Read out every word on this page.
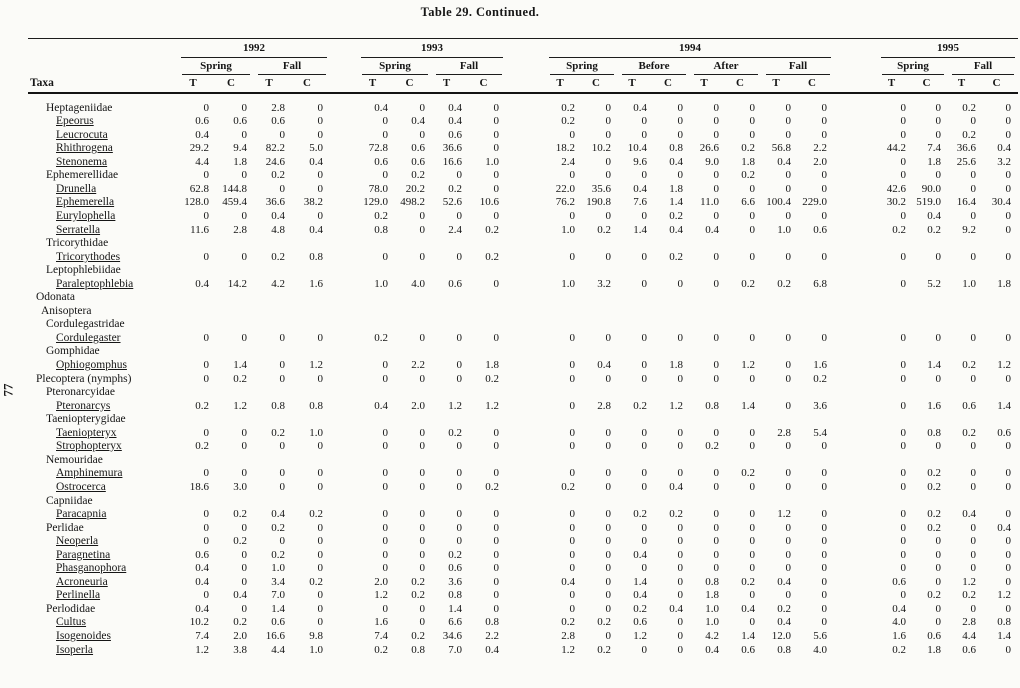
Table 29. Continued.
77

	1992					1993					1994									1995			

	Spring		Fall			Spring		Fall			Spring		Before		After		Fall			Spring		Fall	

Taxa	T	C	T	C		T	C	T	C		T	C	T	C	T	C	T	C		T	C	T	C

Heptageniidae	0	0	2.8	0		0.4	0	0.4	0		0.2	0	0.4	0	0	0	0	0		0	0	0.2	0
Epeorus	0.6	0.6	0.6	0		0	0.4	0.4	0		0.2	0	0	0	0	0	0	0		0	0	0	0
Leucrocuta	0.4	0	0	0		0	0	0.6	0		0	0	0	0	0	0	0	0		0	0	0.2	0
Rhithrogena	29.2	9.4	82.2	5.0		72.8	0.6	36.6	0		18.2	10.2	10.4	0.8	26.6	0.2	56.8	2.2		44.2	7.4	36.6	0.4
Stenonema	4.4	1.8	24.6	0.4		0.6	0.6	16.6	1.0		2.4	0	9.6	0.4	9.0	1.8	0.4	2.0		0	1.8	25.6	3.2
Ephemerellidae	0	0	0.2	0		0	0.2	0	0		0	0	0	0	0	0.2	0	0		0	0	0	0
Drunella	62.8	144.8	0	0		78.0	20.2	0.2	0		22.0	35.6	0.4	1.8	0	0	0	0		42.6	90.0	0	0
Ephemerella	128.0	459.4	36.6	38.2		129.0	498.2	52.6	10.6		76.2	190.8	7.6	1.4	11.0	6.6	100.4	229.0		30.2	519.0	16.4	30.4
Eurylophella	0	0	0.4	0		0.2	0	0	0		0	0	0	0.2	0	0	0	0		0	0.4	0	0
Serratella	11.6	2.8	4.8	0.4		0.8	0	2.4	0.2		1.0	0.2	1.4	0.4	0.4	0	1.0	0.6		0.2	0.2	9.2	0
Tricorythidae																							
Tricorythodes	0	0	0.2	0.8		0	0	0	0.2		0	0	0	0.2	0	0	0	0		0	0	0	0
Leptophlebiidae																							
Paraleptophlebia	0.4	14.2	4.2	1.6		1.0	4.0	0.6	0		1.0	3.2	0	0	0	0.2	0.2	6.8		0	5.2	1.0	1.8
Odonata																							
Anisoptera																							
Cordulegastridae																							
Cordulegaster	0	0	0	0		0.2	0	0	0		0	0	0	0	0	0	0	0		0	0	0	0
Gomphidae																							
Ophiogomphus	0	1.4	0	1.2		0	2.2	0	1.8		0	0.4	0	1.8	0	1.2	0	1.6		0	1.4	0.2	1.2
Plecoptera (nymphs)	0	0.2	0	0		0	0	0	0.2		0	0	0	0	0	0	0	0.2		0	0	0	0
Pteronarcyidae																							
Pteronarcys	0.2	1.2	0.8	0.8		0.4	2.0	1.2	1.2		0	2.8	0.2	1.2	0.8	1.4	0	3.6		0	1.6	0.6	1.4
Taeniopterygidae																							
Taeniopteryx	0	0	0.2	1.0		0	0	0.2	0		0	0	0	0	0	0	2.8	5.4		0	0.8	0.2	0.6
Strophopteryx	0.2	0	0	0		0	0	0	0		0	0	0	0	0.2	0	0	0		0	0	0	0
Nemouridae																							
Amphinemura	0	0	0	0		0	0	0	0		0	0	0	0	0	0.2	0	0		0	0.2	0	0
Ostrocerca	18.6	3.0	0	0		0	0	0	0.2		0.2	0	0	0.4	0	0	0	0		0	0.2	0	0
Capniidae																							
Paracapnia	0	0.2	0.4	0.2		0	0	0	0		0	0	0.2	0.2	0	0	1.2	0		0	0.2	0.4	0
Perlidae	0	0	0.2	0		0	0	0	0		0	0	0	0	0	0	0	0		0	0.2	0	0.4
Neoperla	0	0.2	0	0		0	0	0	0		0	0	0	0	0	0	0	0		0	0	0	0
Paragnetina	0.6	0	0.2	0		0	0	0.2	0		0	0	0.4	0	0	0	0	0		0	0	0	0
Phasganophora	0.4	0	1.0	0		0	0	0.6	0		0	0	0	0	0	0	0	0		0	0	0	0
Acroneuria	0.4	0	3.4	0.2		2.0	0.2	3.6	0		0.4	0	1.4	0	0.8	0.2	0.4	0		0.6	0	1.2	0
Perlinella	0	0.4	7.0	0		1.2	0.2	0.8	0		0	0	0.4	0	1.8	0	0	0		0	0.2	0.2	1.2
Perlodidae	0.4	0	1.4	0		0	0	1.4	0		0	0	0.2	0.4	1.0	0.4	0.2	0		0.4	0	0	0
Cultus	10.2	0.2	0.6	0		1.6	0	6.6	0.8		0.2	0.2	0.6	0	1.0	0	0.4	0		4.0	0	2.8	0.8
Isogenoides	7.4	2.0	16.6	9.8		7.4	0.2	34.6	2.2		2.8	0	1.2	0	4.2	1.4	12.0	5.6		1.6	0.6	4.4	1.4
Isoperla	1.2	3.8	4.4	1.0		0.2	0.8	7.0	0.4		1.2	0.2	0	0	0.4	0.6	0.8	4.0		0.2	1.8	0.6	0
